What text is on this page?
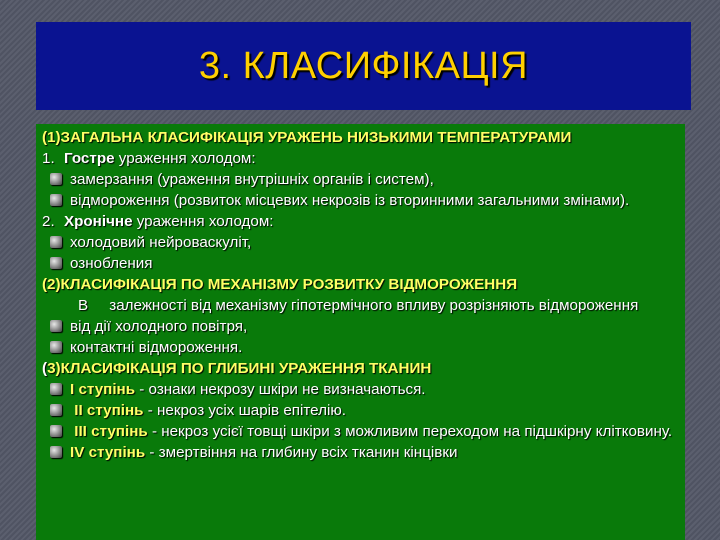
3. КЛАСИФІКАЦІЯ
(1)ЗАГАЛЬНА КЛАСИФІКАЦІЯ УРАЖЕНЬ НИЗЬКИМИ ТЕМПЕРАТУРАМИ
1. Гостре ураження холодом:
замерзання (ураження внутрішніх органів і систем),
відмороження (розвиток місцевих некрозів із вторинними загальними змінами).
2. Хронічне ураження холодом:
холодовий нейроваскуліт,
ознобления
(2)КЛАСИФІКАЦІЯ ПО МЕХАНІЗМУ РОЗВИТКУ ВІДМОРОЖЕННЯ
В     залежності від механізму гіпотермічного впливу розрізняють відмороження
від дії холодного повітря,
контактні відмороження.
(3)КЛАСИФІКАЦІЯ ПО ГЛИБИНІ УРАЖЕННЯ ТКАНИН
І ступінь - ознаки некрозу шкіри не визначаються.
ІІ ступінь - некроз усіх шарів епітелію.
ІІІ ступінь - некроз усієї товщі шкіри з можливим переходом на підшкірну клітковину.
IV ступінь - змертвіння на глибину всіх тканин кінцівки
